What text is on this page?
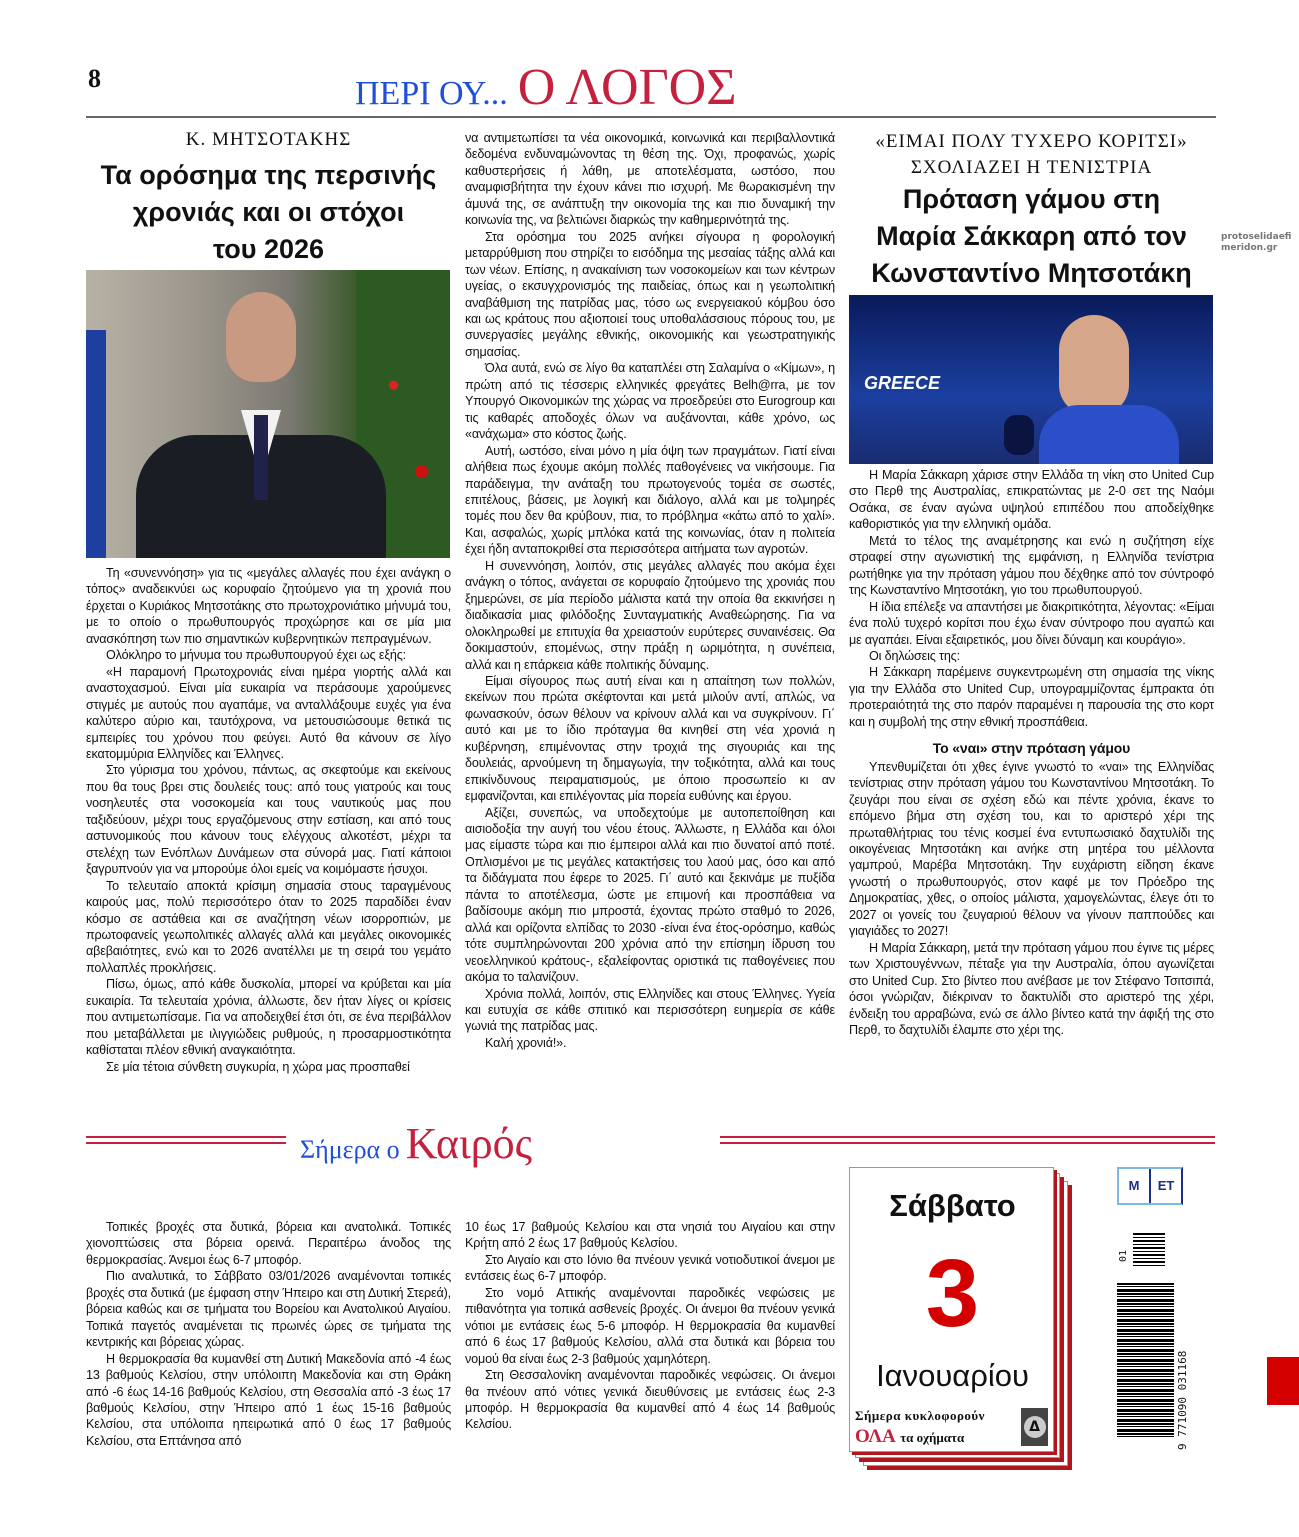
8	ΠΕΡΙ ΟΥ... Ο ΛΟΓΟΣ
Κ. ΜΗΤΣΟΤΑΚΗΣ
Τα ορόσημα της περσινής
χρονιάς και οι στόχοι
του 2026

Τη «συνεννόηση» για τις «μεγάλες αλλαγές που έχει ανάγκη ο τόπος» αναδεικνύει ως κορυφαίο ζητούμενο για τη χρονιά που έρχεται ο Κυριάκος Μητσοτάκης στο πρωτοχρονιάτικο μήνυμά του, με το οποίο ο πρωθυπουργός προχώρησε και σε μία μια ανασκόπηση των πιο σημαντικών κυβερνητικών πεπραγμένων.

Ολόκληρο το μήνυμα του πρωθυπουργού έχει ως εξής:

«Η παραμονή Πρωτοχρονιάς είναι ημέρα γιορτής αλλά και αναστοχασμού. Είναι μία ευκαιρία να περάσουμε χαρούμενες στιγμές με αυτούς που αγαπάμε, να ανταλλάξουμε ευχές για ένα καλύτερο αύριο και, ταυτόχρονα, να μετουσιώσουμε θετικά τις εμπειρίες του χρόνου που φεύγει. Αυτό θα κάνουν σε λίγο εκατομμύρια Ελληνίδες και Έλληνες.

Στο γύρισμα του χρόνου, πάντως, ας σκεφτούμε και εκείνους που θα τους βρει στις δουλειές τους: από τους γιατρούς και τους νοσηλευτές στα νοσοκομεία και τους ναυτικούς μας που ταξιδεύουν, μέχρι τους εργαζόμενους στην εστίαση, και από τους αστυνομικούς που κάνουν τους ελέγχους αλκοτέστ, μέχρι τα στελέχη των Ενόπλων Δυνάμεων στα σύνορά μας. Γιατί κάποιοι ξαγρυπνούν για να μπορούμε όλοι εμείς να κοιμόμαστε ήσυχοι.

Το τελευταίο αποκτά κρίσιμη σημασία στους ταραγμένους καιρούς μας, πολύ περισσότερο όταν το 2025 παραδίδει έναν κόσμο σε αστάθεια και σε αναζήτηση νέων ισορροπιών, με πρωτοφανείς γεωπολιτικές αλλαγές αλλά και μεγάλες οικονομικές αβεβαιότητες, ενώ και το 2026 ανατέλλει με τη σειρά του γεμάτο πολλαπλές προκλήσεις.

Πίσω, όμως, από κάθε δυσκολία, μπορεί να κρύβεται και μία ευκαιρία. Τα τελευταία χρόνια, άλλωστε, δεν ήταν λίγες οι κρίσεις που αντιμετωπίσαμε. Για να αποδειχθεί έτσι ότι, σε ένα περιβάλλον που μεταβάλλεται με ιλιγγιώδεις ρυθμούς, η προσαρμοστικότητα καθίσταται πλέον εθνική αναγκαιότητα.

Σε μία τέτοια σύνθετη συγκυρία, η χώρα μας προσπαθεί

να αντιμετωπίσει τα νέα οικονομικά, κοινωνικά και περιβαλλοντικά δεδομένα ενδυναμώνοντας τη θέση της. Όχι, προφανώς, χωρίς καθυστερήσεις ή λάθη, με αποτελέσματα, ωστόσο, που αναμφισβήτητα την έχουν κάνει πιο ισχυρή. Με θωρακισμένη την άμυνά της, σε ανάπτυξη την οικονομία της και πιο δυναμική την κοινωνία της, να βελτιώνει διαρκώς την καθημερινότητά της.

Στα ορόσημα του 2025 ανήκει σίγουρα η φορολογική μεταρρύθμιση που στηρίζει το εισόδημα της μεσαίας τάξης αλλά και των νέων. Επίσης, η ανακαίνιση των νοσοκομείων και των κέντρων υγείας, ο εκσυγχρονισμός της παιδείας, όπως και η γεωπολιτική αναβάθμιση της πατρίδας μας, τόσο ως ενεργειακού κόμβου όσο και ως κράτους που αξιοποιεί τους υποθαλάσσιους πόρους του, με συνεργασίες μεγάλης εθνικής, οικονομικής και γεωστρατηγικής σημασίας.

Όλα αυτά, ενώ σε λίγο θα καταπλέει στη Σαλαμίνα ο «Κίμων», η πρώτη από τις τέσσερις ελληνικές φρεγάτες Belh@rra, με τον Υπουργό Οικονομικών της χώρας να προεδρεύει στο Eurogroup και τις καθαρές αποδοχές όλων να αυξάνονται, κάθε χρόνο, ως «ανάχωμα» στο κόστος ζωής.

Αυτή, ωστόσο, είναι μόνο η μία όψη των πραγμάτων. Γιατί είναι αλήθεια πως έχουμε ακόμη πολλές παθογένειες να νικήσουμε. Για παράδειγμα, την ανάταξη του πρωτογενούς τομέα σε σωστές, επιτέλους, βάσεις, με λογική και διάλογο, αλλά και με τολμηρές τομές που δεν θα κρύβουν, πια, το πρόβλημα «κάτω από το χαλί». Και, ασφαλώς, χωρίς μπλόκα κατά της κοινωνίας, όταν η πολιτεία έχει ήδη ανταποκριθεί στα περισσότερα αιτήματα των αγροτών.

Η συνεννόηση, λοιπόν, στις μεγάλες αλλαγές που ακόμα έχει ανάγκη ο τόπος, ανάγεται σε κορυφαίο ζητούμενο της χρονιάς που ξημερώνει, σε μία περίοδο μάλιστα κατά την οποία θα εκκινήσει η διαδικασία μιας φιλόδοξης Συνταγματικής Αναθεώρησης. Για να ολοκληρωθεί με επιτυχία θα χρειαστούν ευρύτερες συναινέσεις. Θα δοκιμαστούν, επομένως, στην πράξη η ωριμότητα, η συνέπεια, αλλά και η επάρκεια κάθε πολιτικής δύναμης.

Είμαι σίγουρος πως αυτή είναι και η απαίτηση των πολλών, εκείνων που πρώτα σκέφτονται και μετά μιλούν αντί, απλώς, να φωνασκούν, όσων θέλουν να κρίνουν αλλά και να συγκρίνουν. Γι΄ αυτό και με το ίδιο πρόταγμα θα κινηθεί στη νέα χρονιά η κυβέρνηση, επιμένοντας στην τροχιά της σιγουριάς και της δουλειάς, αρνούμενη τη δημαγωγία, την τοξικότητα, αλλά και τους επικίνδυνους πειραματισμούς, με όποιο προσωπείο κι αν εμφανίζονται, και επιλέγοντας μία πορεία ευθύνης και έργου.

Αξίζει, συνεπώς, να υποδεχτούμε με αυτοπεποίθηση και αισιοδοξία την αυγή του νέου έτους. Άλλωστε, η Ελλάδα και όλοι μας είμαστε τώρα και πιο έμπειροι αλλά και πιο δυνατοί από ποτέ. Οπλισμένοι με τις μεγάλες κατακτήσεις του λαού μας, όσο και από τα διδάγματα που έφερε το 2025. Γι΄ αυτό και ξεκινάμε με πυξίδα πάντα το αποτέλεσμα, ώστε με επιμονή και προσπάθεια να βαδίσουμε ακόμη πιο μπροστά, έχοντας πρώτο σταθμό το 2026, αλλά και ορίζοντα ελπίδας το 2030 -είναι ένα έτος-ορόσημο, καθώς τότε συμπληρώνονται 200 χρόνια από την επίσημη ίδρυση του νεοελληνικού κράτους-, εξαλείφοντας οριστικά τις παθογένειες που ακόμα το ταλανίζουν.

Χρόνια πολλά, λοιπόν, στις Ελληνίδες και στους Έλληνες. Υγεία και ευτυχία σε κάθε σπιτικό και περισσότερη ευημερία σε κάθε γωνιά της πατρίδας μας.

Καλή χρονιά!».

«ΕΙΜΑΙ ΠΟΛΥ ΤΥΧΕΡΟ ΚΟΡΙΤΣΙ»
ΣΧΟΛΙΑΖΕΙ Η ΤΕΝΙΣΤΡΙΑ
Πρόταση γάμου στη
Μαρία Σάκκαρη από τον
Κωνσταντίνο Μητσοτάκη
protoselidaefimeridon.gr
GREECE

Η Μαρία Σάκκαρη χάρισε στην Ελλάδα τη νίκη στο United Cup στο Περθ της Αυστραλίας, επικρατώντας με 2-0 σετ της Ναόμι Οσάκα, σε έναν αγώνα υψηλού επιπέδου που αποδείχθηκε καθοριστικός για την ελληνική ομάδα.

Μετά το τέλος της αναμέτρησης και ενώ η συζήτηση είχε στραφεί στην αγωνιστική της εμφάνιση, η Ελληνίδα τενίστρια ρωτήθηκε για την πρόταση γάμου που δέχθηκε από τον σύντροφό της Κωνσταντίνο Μητσοτάκη, γιο του πρωθυπουργού.

Η ίδια επέλεξε να απαντήσει με διακριτικότητα, λέγοντας: «Είμαι ένα πολύ τυχερό κορίτσι που έχω έναν σύντροφο που αγαπώ και με αγαπάει. Είναι εξαιρετικός, μου δίνει δύναμη και κουράγιο».

Οι δηλώσεις της:

Η Σάκκαρη παρέμεινε συγκεντρωμένη στη σημασία της νίκης για την Ελλάδα στο United Cup, υπογραμμίζοντας έμπρακτα ότι προτεραιότητά της στο παρόν παραμένει η παρουσία της στο κορτ και η συμβολή της στην εθνική προσπάθεια.

Το «ναι» στην πρόταση γάμου

Υπενθυμίζεται ότι χθες έγινε γνωστό το «ναι» της Ελληνίδας τενίστριας στην πρόταση γάμου του Κωνσταντίνου Μητσοτάκη. Το ζευγάρι που είναι σε σχέση εδώ και πέντε χρόνια, έκανε το επόμενο βήμα στη σχέση του, και το αριστερό χέρι της πρωταθλήτριας του τένις κοσμεί ένα εντυπωσιακό δαχτυλίδι της οικογένειας Μητσοτάκη και ανήκε στη μητέρα του μέλλοντα γαμπρού, Μαρέβα Μητσοτάκη. Την ευχάριστη είδηση έκανε γνωστή ο πρωθυπουργός, στον καφέ με τον Πρόεδρο της Δημοκρατίας, χθες, ο οποίος μάλιστα, χαμογελώντας, έλεγε ότι το 2027 οι γονείς του ζευγαριού θέλουν να γίνουν παππούδες και γιαγιάδες το 2027!

Η Μαρία Σάκκαρη, μετά την πρόταση γάμου που έγινε τις μέρες των Χριστουγέννων, πέταξε για την Αυστραλία, όπου αγωνίζεται στο United Cup. Στο βίντεο που ανέβασε με τον Στέφανο Τσιτσιπά, όσοι γνώριζαν, διέκριναν το δακτυλίδι στο αριστερό της χέρι, ένδειξη του αρραβώνα, ενώ σε άλλο βίντεο κατά την άφιξή της στο Περθ, το δαχτυλίδι έλαμπε στο χέρι της.

Σήμερα ο Καιρός

Τοπικές βροχές στα δυτικά, βόρεια και ανατολικά. Τοπικές χιονοπτώσεις στα βόρεια ορεινά. Περαιτέρω άνοδος της θερμοκρασίας. Άνεμοι έως 6-7 μποφόρ.

Πιο αναλυτικά, το Σάββατο 03/01/2026 αναμένονται τοπικές βροχές στα δυτικά (με έμφαση στην Ήπειρο και στη Δυτική Στερεά), βόρεια καθώς και σε τμήματα του Βορείου και Ανατολικού Αιγαίου. Τοπικά παγετός αναμένεται τις πρωινές ώρες σε τμήματα της κεντρικής και βόρειας χώρας.

Η θερμοκρασία θα κυμανθεί στη Δυτική Μακεδονία από -4 έως 13 βαθμούς Κελσίου, στην υπόλοιπη Μακεδονία και στη Θράκη από -6 έως 14-16 βαθμούς Κελσίου, στη Θεσσαλία από -3 έως 17 βαθμούς Κελσίου, στην Ήπειρο από 1 έως 15-16 βαθμούς Κελσίου, στα υπόλοιπα ηπειρωτικά από 0 έως 17 βαθμούς Κελσίου, στα Επτάνησα από

10 έως 17 βαθμούς Κελσίου και στα νησιά του Αιγαίου και στην Κρήτη από 2 έως 17 βαθμούς Κελσίου.

Στο Αιγαίο και στο Ιόνιο θα πνέουν γενικά νοτιοδυτικοί άνεμοι με εντάσεις έως 6-7 μποφόρ.

Στο νομό Αττικής αναμένονται παροδικές νεφώσεις με πιθανότητα για τοπικά ασθενείς βροχές. Οι άνεμοι θα πνέουν γενικά νότιοι με εντάσεις έως 5-6 μποφόρ. Η θερμοκρασία θα κυμανθεί από 6 έως 17 βαθμούς Κελσίου, αλλά στα δυτικά και βόρεια του νομού θα είναι έως 2-3 βαθμούς χαμηλότερη.

Στη Θεσσαλονίκη αναμένονται παροδικές νεφώσεις. Οι άνεμοι θα πνέουν από νότιες γενικά διευθύνσεις με εντάσεις έως 2-3 μποφόρ. Η θερμοκρασία θα κυμανθεί από 4 έως 14 βαθμούς Κελσίου.

Σάββατο
3
Ιανουαρίου
Σήμερα κυκλοφορούν
ΟΛΑ τα οχήματα
Δ
Μ	ΕΤ
01
9 771090 031168
